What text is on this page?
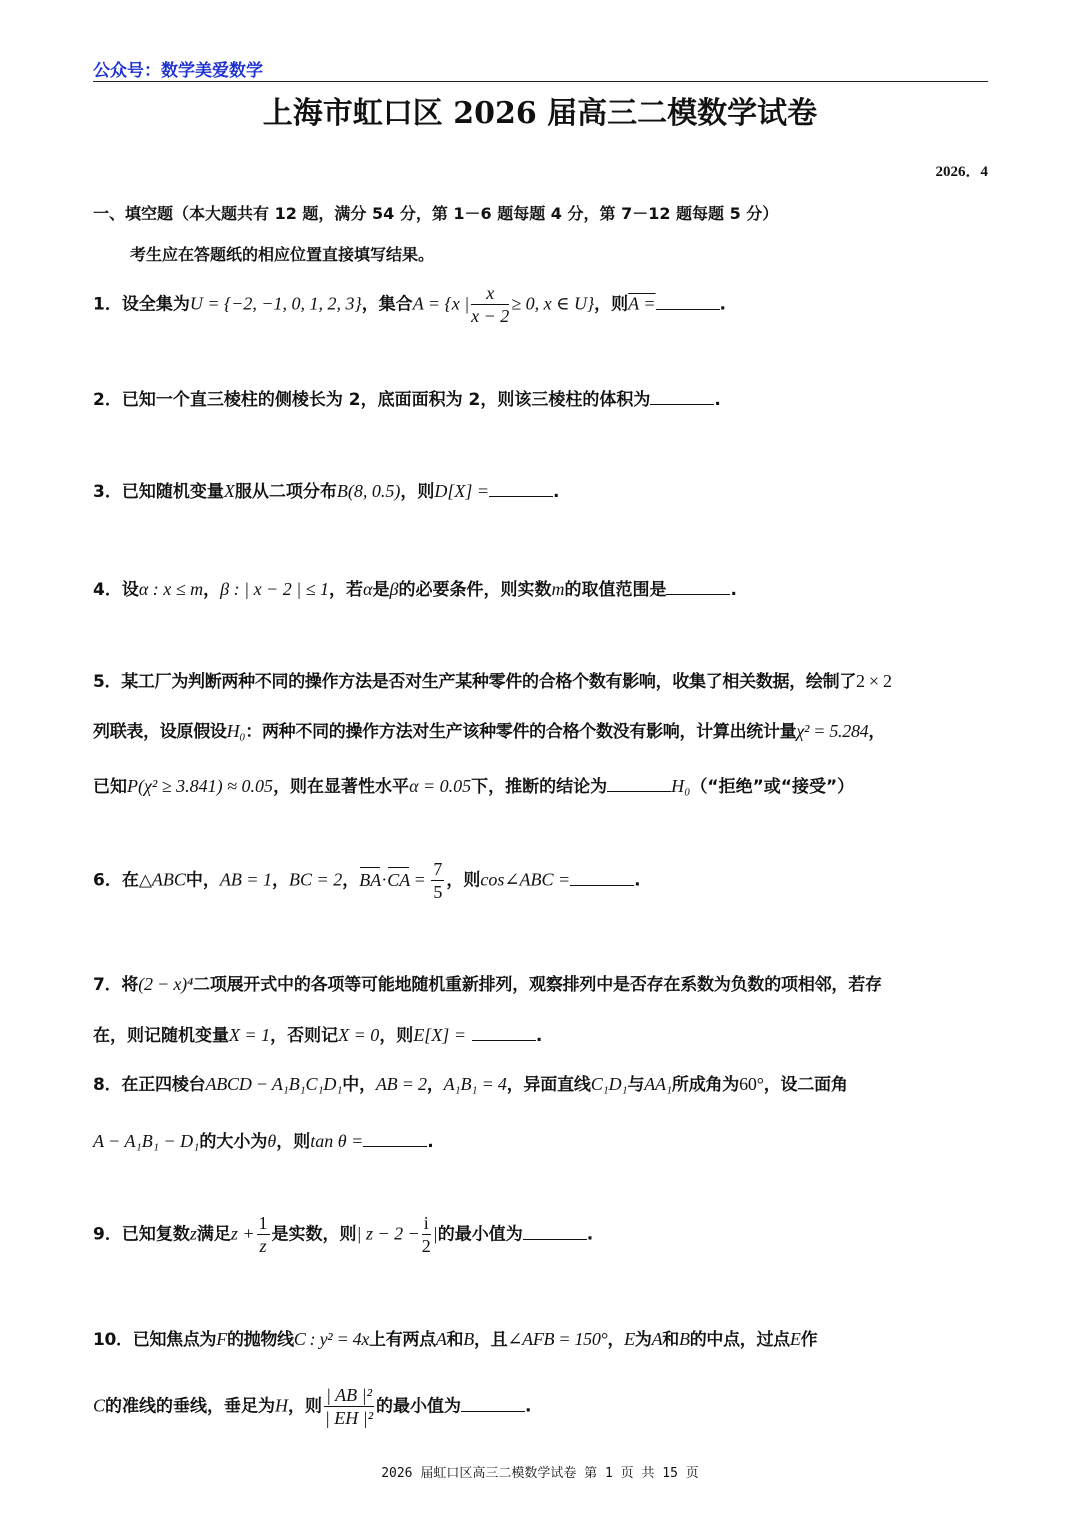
公众号：数学美爱数学
上海市虹口区 2026 届高三二模数学试卷
2026．4
一、填空题（本大题共有 12 题，满分 54 分，第 1－6 题每题 4 分，第 7－12 题每题 5 分）
考生应在答题纸的相应位置直接填写结果。
1．设全集为U = {−2, −1, 0, 1, 2, 3}，集合A = {x | $\frac{x}{x - 2} \ge 0$, x ∈ U}，则A =	.
2．已知一个直三棱柱的侧棱长为 2，底面面积为 2，则该三棱柱的体积为	.
3．已知随机变量X服从二项分布B(8, 0.5)，则D[X] =	.
4．设α : x ≤ m，β : | x − 2 | ≤ 1，若α是β的必要条件，则实数m的取值范围是	.
5．某工厂为判断两种不同的操作方法是否对生产某种零件的合格个数有影响，收集了相关数据，绘制了2 × 2
列联表，设原假设H₀：两种不同的操作方法对生产该种零件的合格个数没有影响，计算出统计量χ² = 5.284，
已知P(χ² ≥ 3.841) ≈ 0.05，则在显著性水平α = 0.05下，推断的结论为	H₀（“拒绝”或“接受”）
6．在△ABC中，AB = 1，BC = 2，$BA\cdot CA = \frac{7}{5}$ ，则cos∠ABC =	.
7．将(2 − x)⁴二项展开式中的各项等可能地随机重新排列，观察排列中是否存在系数为负数的项相邻，若存
在，则记随机变量X = 1，否则记X = 0，则E[X] =	.
8．在正四棱台ABCD − A₁B₁C₁D₁中，AB = 2，A₁B₁ = 4，异面直线C₁D₁与AA₁所成角为60°，设二面角
A − A₁B₁ − D₁的大小为θ，则tan θ =	.
9．已知复数z满足$z + \frac{1}{z}$ 是实数，则| $z - 2 - \frac{i}{2}$ |的最小值为	.
10．已知焦点为F的抛物线C : y² = 4x上有两点A和B，且∠AFB = 150°，E为A和B的中点，过点E作
C的准线的垂线，垂足为H，则 $\frac{\text{| AB |²}}{\text{| EH |²}}$ 的最小值为	.
2026 届虹口区高三二模数学试卷 第 1 页 共 15 页
